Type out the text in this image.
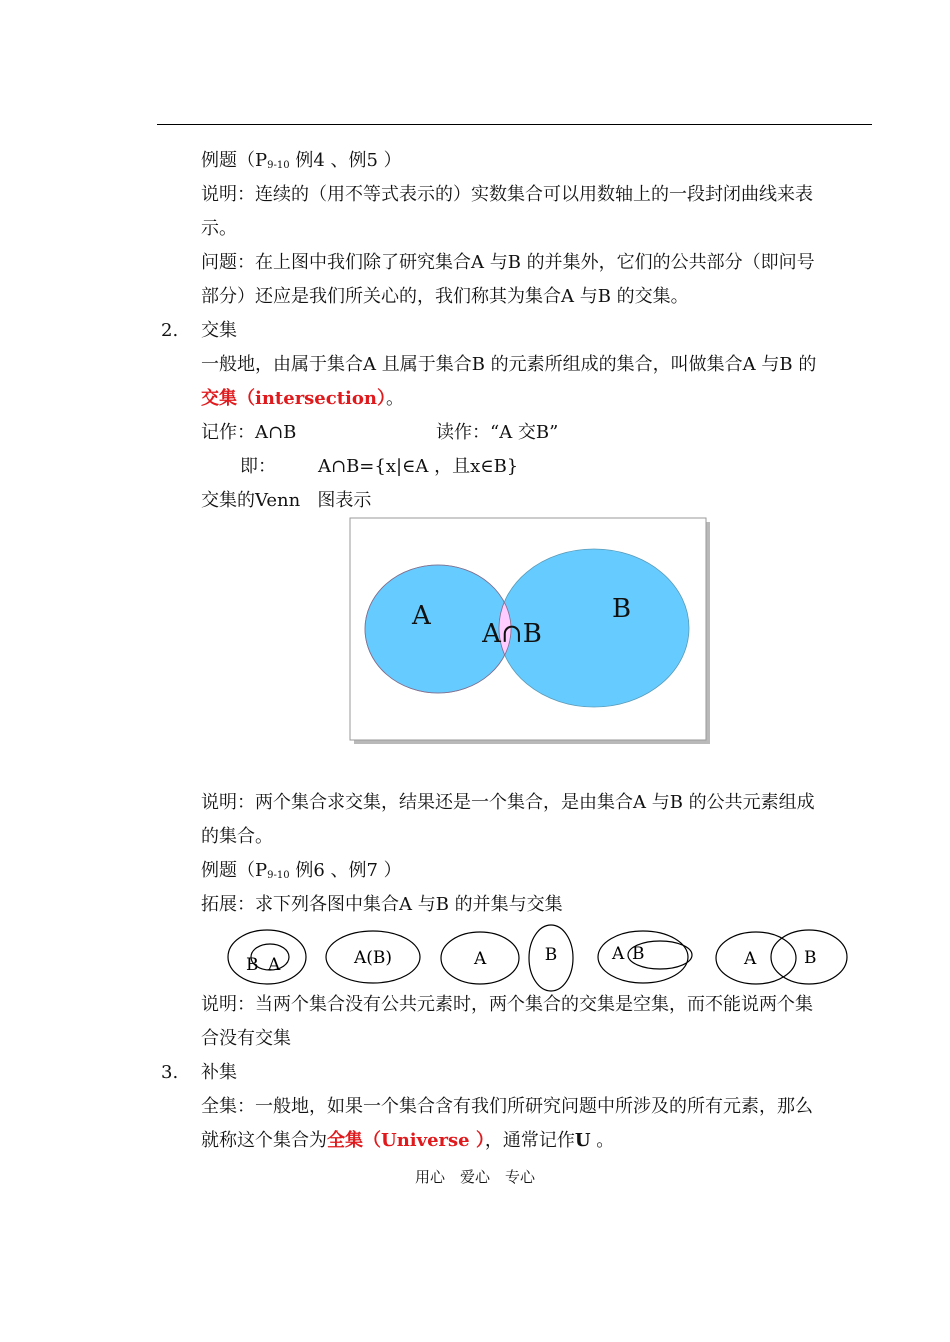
例题（$P_{9-10}$ 例4 、例5 ）
说明：连续的（用不等式表示的）实数集合可以用数轴上的一段封闭曲线来表
示。
问题：在上图中我们除了研究集合A 与B 的并集外，它们的公共部分（即问号
部分）还应是我们所关心的，我们称其为集合A 与B 的交集。
2. 交集
一般地，由属于集合A 且属于集合B 的元素所组成的集合，叫做集合A 与B 的
交集（intersection）。
记作：A∩B	读作：“A 交B”
即： A∩B={x|∈A ，且x∈B}
交集的Venn 图表示
A	B
A∩B
说明：两个集合求交集，结果还是一个集合，是由集合A 与B 的公共元素组成
的集合。
例题（$P_{9-10}$ 例6 、例7 ）
拓展：求下列各图中集合A 与B 的并集与交集
B A	A(B)	A	B	A B	A	B
说明：当两个集合没有公共元素时，两个集合的交集是空集，而不能说两个集
合没有交集
3. 补集
全集：一般地，如果一个集合含有我们所研究问题中所涉及的所有元素，那么
就称这个集合为全集（Universe ），通常记作U 。
用心　爱心　专心
